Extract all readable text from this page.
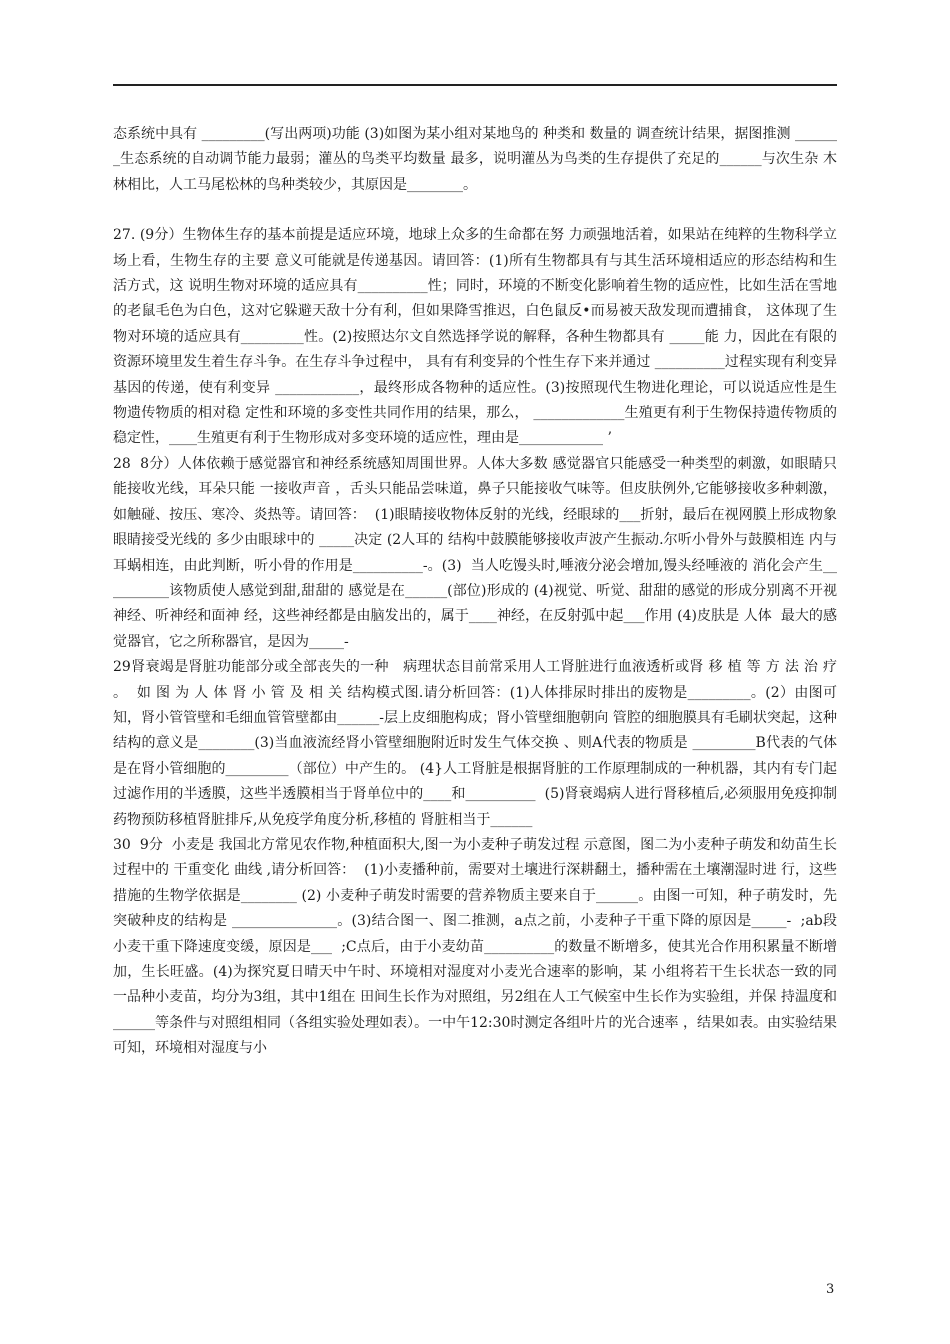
态系统中具有 _________(写出两项)功能 (3)如图为某小组对某地鸟的 种类和 数量的 调查统计结果，据图推测 _______生态系统的自动调节能力最弱；灌丛的鸟类平均数量 最多，说明灌丛为鸟类的生存提供了充足的______与次生杂 木林相比，人工马尾松林的鸟种类较少，其原因是________。

27. (9分）生物体生存的基本前提是适应环境，地球上众多的生命都在努 力顽强地活着，如果站在纯粹的生物科学立场上看，生物生存的主要 意义可能就是传递基因。请回答：(1)所有生物都具有与其生活环境相适应的形态结构和生活方式，这 说明生物对环境的适应具有__________性；同时，环境的不断变化影响着生物的适应性，比如生活在雪地的老鼠毛色为白色，这对它躲避天敌十分有利，但如果降雪推迟，白色鼠反•而易被天敌发现而遭捕食， 这体现了生物对环境的适应具有_________性。(2)按照达尔文自然选择学说的解释，各种生物都具有 _____能 力，因此在有限的资源环境里发生着生存斗争。在生存斗争过程中， 具有有利变异的个性生存下来并通过 __________过程实现有利变异基因的传递，使有利变异 ____________，最终形成各物种的适应性。(3)按照现代生物进化理论，可以说适应性是生物遗传物质的相对稳 定性和环境的多变性共同作用的结果，那么， _____________生殖更有利于生物保持遗传物质的稳定性，____生殖更有利于生物形成对多变环境的适应性，理由是____________ ’

28  8分）人体依赖于感觉器官和神经系统感知周围世界。人体大多数 感觉器官只能感受一种类型的刺激，如眼睛只能接收光线，耳朵只能 一接收声音 ，舌头只能品尝味道，鼻子只能接收气味等。但皮肤例外,它能够接收多种刺激，如触碰、按压、寒冷、炎热等。请回答：  (1)眼睛接收物体反射的光线，经眼球的___折射，最后在视网膜上形成物象眼睛接受光线的 多少由眼球中的 _____决定 (2人耳的 结构中鼓膜能够接收声波产生振动.尔听小骨外与鼓膜相连 内与耳蜗相连，由此判断，听小骨的作用是__________-。(3)  当人吃馒头时,唾液分泌会增加,馒头经唾液的 消化会产生__________该物质使人感觉到甜,甜甜的 感觉是在______(部位)形成的 (4)视觉、听觉、甜甜的感觉的形成分别离不开视神经、听神经和面神 经，这些神经都是由脑发出的，属于____神经，在反射弧中起___作用 (4)皮肤是 人体  最大的感觉器官，它之所称器官，是因为_____-

29肾衰竭是肾脏功能部分或全部丧失的一种   病理状态目前常采用人工肾脏进行血液透析或肾 移 植 等 方 法 治 疗 。  如 图 为 人 体 肾 小 管 及 相 关 结构模式图.请分析回答：(1)人体排尿时排出的废物是_________。(2）由图可知，肾小管管壁和毛细血管管壁都由______-层上皮细胞构成；肾小管壁细胞朝向 管腔的细胞膜具有毛刷状突起，这种结构的意义是________(3)当血液流经肾小管壁细胞附近时发生气体交换 、则A代表的物质是 _________B代表的气体是在肾小管细胞的_________（部位）中产生的。 (4}人工肾脏是根据肾脏的工作原理制成的一种机器，其内有专门起过滤作用的半透膜，这些半透膜相当于肾单位中的____和__________  (5)肾衰竭病人进行肾移植后,必须服用免疫抑制药物预防移植肾脏排斥,从免疫学角度分析,移植的 肾脏相当于______

30  9分  小麦是 我国北方常见农作物,种植面积大,图一为小麦种子萌发过程 示意图，图二为小麦种子萌发和幼苗生长 过程中的 干重变化 曲线 ,请分析回答：  (1)小麦播种前，需要对土壤进行深耕翻土，播种需在土壤潮湿时进 行，这些措施的生物学依据是________ (2) 小麦种子萌发时需要的营养物质主要来自于______。由图一可知，种子萌发时，先突破种皮的结构是 _______________。(3)结合图一、图二推测，a点之前，小麦种子干重下降的原因是_____-  ;ab段小麦干重下降速度变缓，原因是___  ;C点后，由于小麦幼苗__________的数量不断增多，使其光合作用积累量不断增加，生长旺盛。(4)为探究夏日晴天中午时、环境相对湿度对小麦光合速率的影响，某 小组将若干生长状态一致的同一品种小麦苗，均分为3组，其中1组在 田间生长作为对照组，另2组在人工气候室中生长作为实验组，并保 持温度和 ______等条件与对照组相同（各组实验处理如表）。一中午12:30时测定各组叶片的光合速率 ，结果如表。由实验结果可知，环境相对湿度与小

3
